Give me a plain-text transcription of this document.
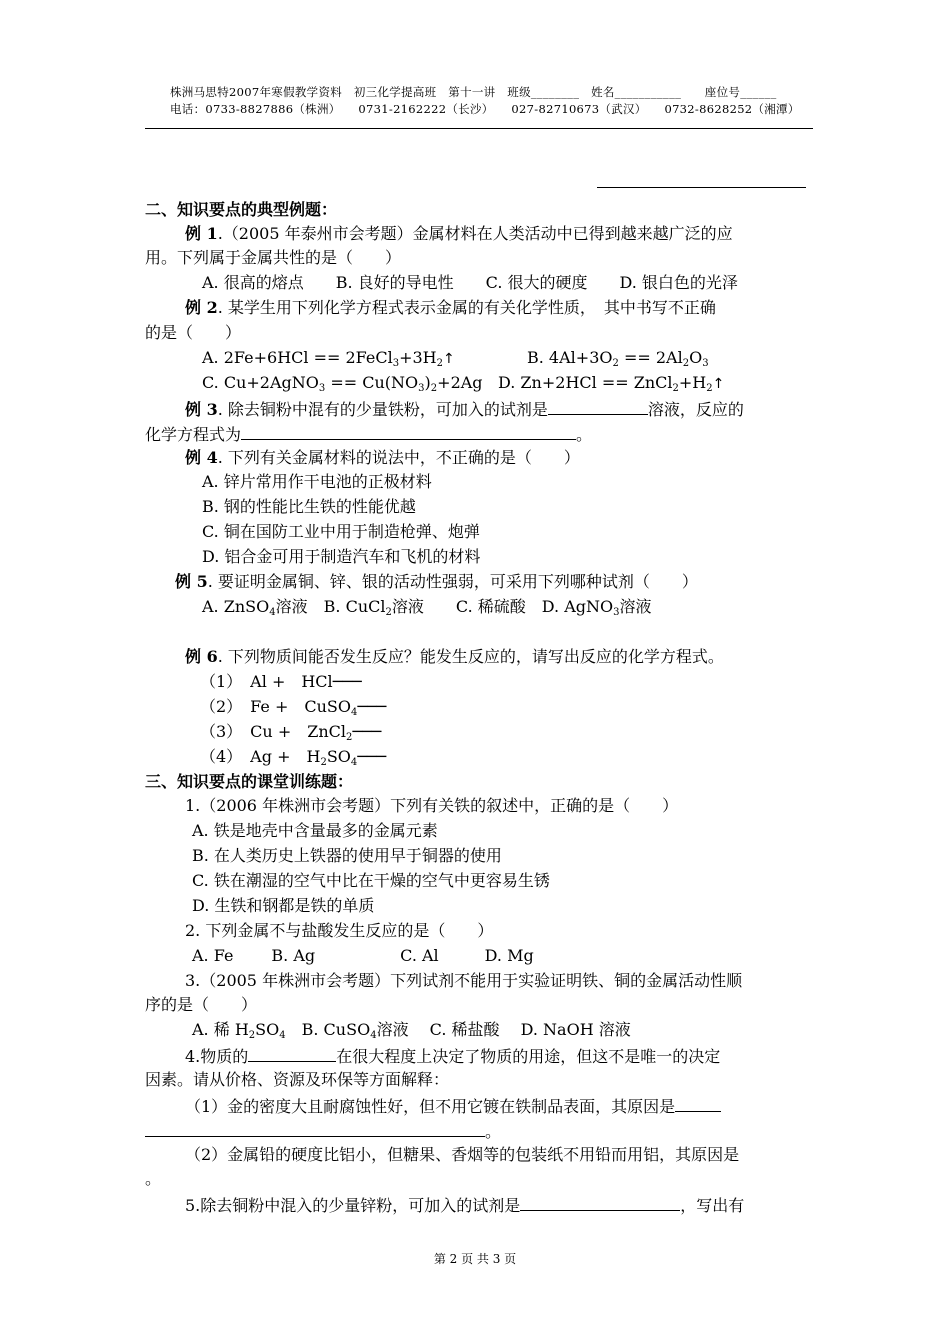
株洲马思特2007年寒假教学资料　初三化学提高班　第十一讲　班级________　姓名___________　　座位号______
电话：0733-8827886（株洲）　　0731-2162222（长沙）　　027-82710673（武汉）　　0732-8628252（湘潭）
二、知识要点的典型例题：
例 1.（2005 年泰州市会考题）金属材料在人类活动中已得到越来越广泛的应
用。下列属于金属共性的是（　　）
A. 很高的熔点　　B. 良好的导电性　　C. 很大的硬度　　D. 银白色的光泽
例 2. 某学生用下列化学方程式表示金属的有关化学性质，　其中书写不正确
的是（　　）
A. $2Fe+6HCl == 2FeCl_3+3H_2↑$	B. $4Al+3O_2 == 2Al_2O_3$
C. Cu+2AgNO$_3$ == $Cu(NO_3)_2+2Ag$ D. $Zn+2HCl == ZnCl_2+H_2↑$
例 3. 除去铜粉中混有的少量铁粉，可加入的试剂是	溶液，反应的
化学方程式为	。
例 4. 下列有关金属材料的说法中，不正确的是（　　）
A. 锌片常用作干电池的正极材料
B. 钢的性能比生铁的性能优越
C. 铜在国防工业中用于制造枪弹、炮弹
D. 铝合金可用于制造汽车和飞机的材料
例 5. 要证明金属铜、锌、银的活动性强弱，可采用下列哪种试剂（　　）
A. ZnSO$_4$溶液　 B. CuCl$_2$溶液　　 C. 稀硫酸　 D. AgNO$_3$溶液
例 6. 下列物质间能否发生反应？能发生反应的，请写出反应的化学方程式。
（1）　Al +　HCl───
（2）　Fe +　CuSO$_4$───
（3）　Cu +　ZnCl$_2$───
（4）　Ag +　$H_2SO_4───$
三、知识要点的课堂训练题：
1.（2006 年株洲市会考题）下列有关铁的叙述中，正确的是（　　）
A. 铁是地壳中含量最多的金属元素
B. 在人类历史上铁器的使用早于铜器的使用
C. 铁在潮湿的空气中比在干燥的空气中更容易生锈
D. 生铁和钢都是铁的单质
2. 下列金属不与盐酸发生反应的是（　　）
A. Fe B. Ag	C. Al	D. Mg
3.（2005 年株洲市会考题）下列试剂不能用于实验证明铁、铜的金属活动性顺
序的是（　　）
A. 稀 $H_2SO_4$　 B. CuSO$_4$溶液　 C. 稀盐酸　 D. NaOH 溶液
4.物质的	在很大程度上决定了物质的用途，但这不是唯一的决定
因素。请从价格、资源及环保等方面解释：
（1）金的密度大且耐腐蚀性好，但不用它镀在铁制品表面，其原因是
。
（2）金属铅的硬度比铝小，但糖果、香烟等的包装纸不用铅而用铝，其原因是
。
5.除去铜粉中混入的少量锌粉，可加入的试剂是	，写出有
第 2 页 共 3 页
